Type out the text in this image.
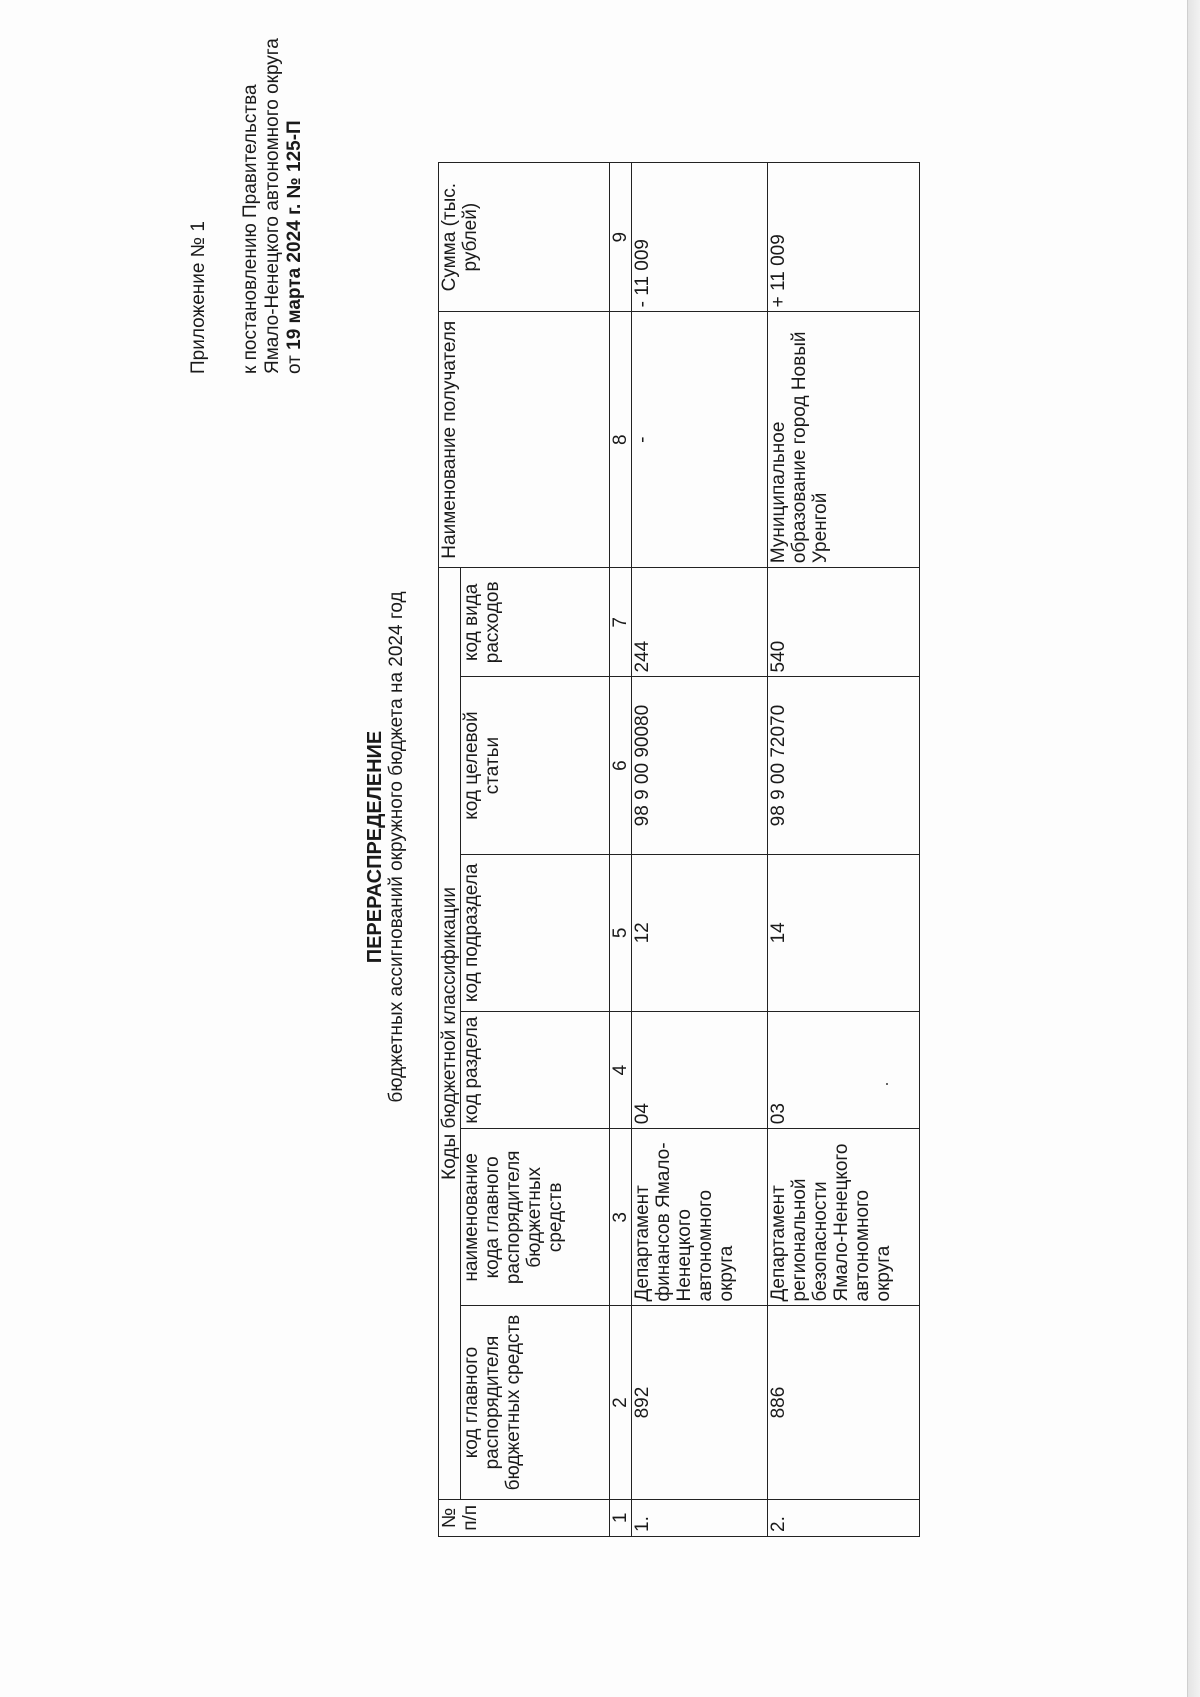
Приложение № 1 к постановлению Правительства Ямало-Ненецкого автономного округа от 19 марта 2024 г. № 125-П
ПЕРЕРАСПРЕДЕЛЕНИЕ бюджетных ассигнований окружного бюджета на 2024 год
№ п/п	Коды бюджетной классификации						Наименование получателя	Сумма (тыс. рублей)
	код главного распорядителя бюджетных средств	наименование кода главного распорядителя бюджетных средств	код раздела	код подраздела	код целевой статьи	код вида расходов		
1	2	3	4	5	6	7	8	9
1.	892	Департамент финансов Ямало-Ненецкого автономного округа	04	12	98 9 00 90080	244	-	- 11 009
2.	886	Департамент региональной безопасности Ямало-Ненецкого автономного округа	03	14	98 9 00 72070	540	Муниципальное образование город Новый Уренгой	+ 11 009
